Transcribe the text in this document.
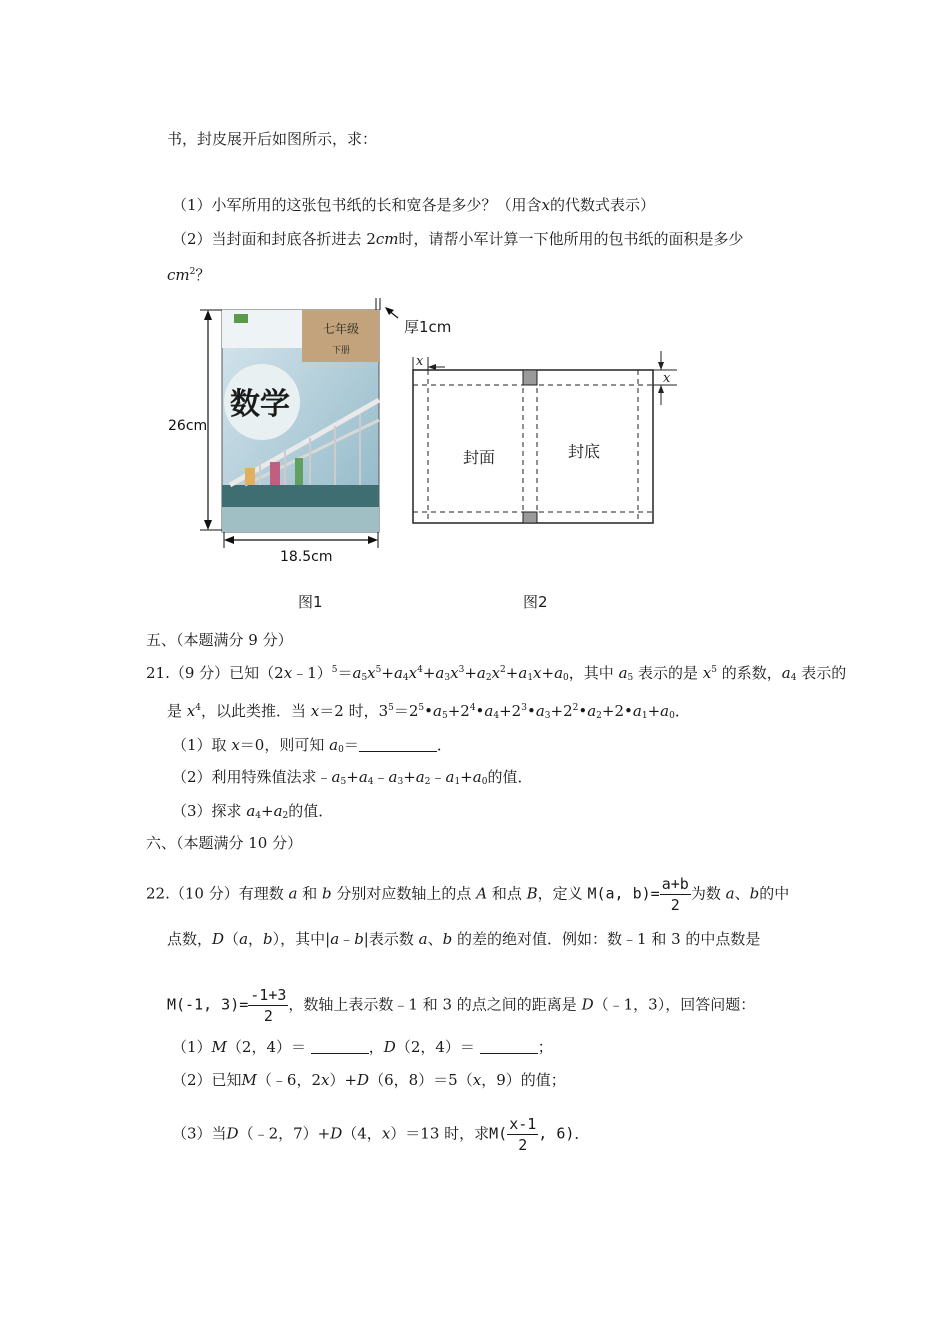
书，封皮展开后如图所示，求：
（1）小军所用的这张包书纸的长和宽各是多少？（用含x的代数式表示）
（2）当封面和封底各折进去 2cm时，请帮小军计算一下他所用的包书纸的面积是多少
$cm^2$？
七年级
下册
数学
26cm
18.5cm
厚1cm
图1
封面	封底
x
x
图2
五、（本题满分 9 分）
21.（9 分）已知$(2x﹣1)^5=a_5x^5+a_4x^4+a_3x^3+a_2x^2+a_1x+a_0$，其中 $a_5$ 表示的是 $x^5$ 的系数，$a_4$ 表示的
是 $x^4$，以此类推．当 x＝2 时，$3^5=2^5•a_5+2^4•a_4+2^3•a_3+2^2•a_2+2•a_1+a_0$．
（1）取 x＝0，则可知 $a_0=$	．
（2）利用特殊值法求$﹣a_5+a_4﹣a_3+a_2﹣a_1+a_0$的值．
（3）探求 $a_4+a_2$的值．
六、（本题满分 10 分）
22.（10 分）有理数 a 和 b 分别对应数轴上的点 A 和点 B，定义 M(a, $b)= \frac{a+b}{2}$ 为数 a、b的中
点数，D（a，b），其中|a﹣b|表示数 a、b 的差的绝对值．例如：数﹣1 和 3 的中点数是
M(-1, $3)= \frac{-1+3}{2}$ ，数轴上表示数﹣1 和 3 的点之间的距离是 D（﹣1，3），回答问题：
（1）M（2，4）＝	，D（2，4）＝	；
（2）已知M（﹣6，2x）+D（6，8）＝5（x，9）的值；
（3）当D（﹣2，7）+D（4，x）＝13 时，求$M( \frac{x-1}{2}$ , 6)．
